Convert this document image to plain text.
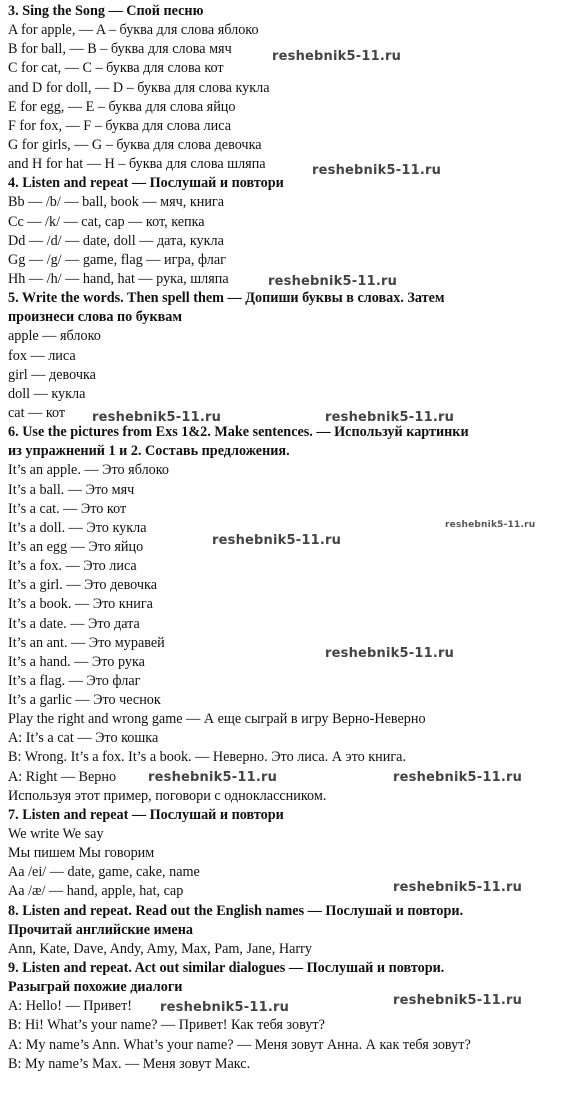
3. Sing the Song — Спой песню
A for apple, — A – буква для слова яблоко
B for ball, — B – буква для слова мяч
C for cat, — C – буква для слова кот
and D for doll, — D – буква для слова кукла
E for egg, — E – буква для слова яйцо
F for fox, — F – буква для слова лиса
G for girls, — G – буква для слова девочка
and H for hat — H – буква для слова шляпа
4. Listen and repeat — Послушай и повтори
Bb — /b/ — ball, book — мяч, книга
Cc — /k/ — cat, cap — кот, кепка
Dd — /d/ — date, doll — дата, кукла
Gg — /g/ — game, flag — игра, флаг
Hh — /h/ — hand, hat — рука, шляпа
5. Write the words. Then spell them — Допиши буквы в словах. Затем
произнеси слова по буквам
apple — яблоко
fox — лиса
girl — девочка
doll — кукла
cat — кот
6. Use the pictures from Exs 1&2. Make sentences. — Используй картинки
из упражнений 1 и 2. Составь предложения.
It’s an apple. — Это яблоко
It’s a ball. — Это мяч
It’s a cat. — Это кот
It’s a doll. — Это кукла
It’s an egg — Это яйцо
It’s a fox. — Это лиса
It’s a girl. — Это девочка
It’s a book. — Это книга
It’s a date. — Это дата
It’s an ant. — Это муравей
It’s a hand. — Это рука
It’s a flag. — Это флаг
It’s a garlic — Это чеснок
Play the right and wrong game — А еще сыграй в игру Верно-Неверно
A: It’s a cat — Это кошка
B: Wrong. It’s a fox. It’s a book. — Неверно. Это лиса. А это книга.
A: Right — Верно
Используя этот пример, поговори с одноклассником.
7. Listen and repeat — Послушай и повтори
We write We say
Мы пишем Мы говорим
Aa /ei/ — date, game, cake, name
Aa /æ/ — hand, apple, hat, cap
8. Listen and repeat. Read out the English names — Послушай и повтори.
Прочитай английские имена
Ann, Kate, Dave, Andy, Amy, Max, Pam, Jane, Harry
9. Listen and repeat. Act out similar dialogues — Послушай и повтори.
Разыграй похожие диалоги
A: Hello! — Привет!
B: Hi! What’s your name? — Привет! Как тебя зовут?
A: My name’s Ann. What’s your name? — Меня зовут Анна. А как тебя зовут?
B: My name’s Max. — Меня зовут Макс.
reshebnik5-11.ru
reshebnik5-11.ru
reshebnik5-11.ru
reshebnik5-11.ru	reshebnik5-11.ru
reshebnik5-11.ru
reshebnik5-11.ru
reshebnik5-11.ru
reshebnik5-11.ru	reshebnik5-11.ru
reshebnik5-11.ru
reshebnik5-11.ru
reshebnik5-11.ru
